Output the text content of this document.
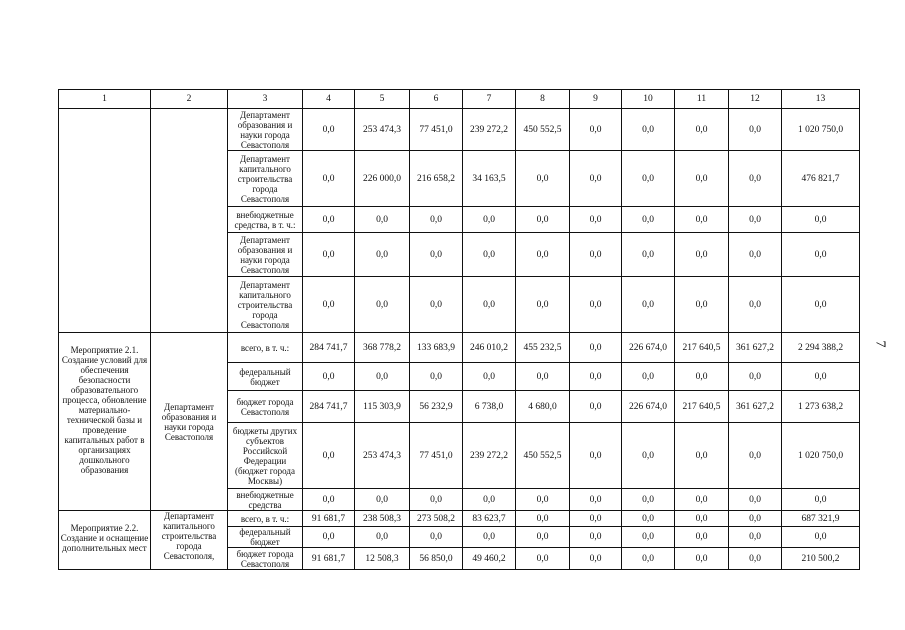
1	2	3	4	5	6	7	8	9	10	11	12	13
		Департамент образования и науки города Севастополя	0,0	253 474,3	77 451,0	239 272,2	450 552,5	0,0	0,0	0,0	0,0	1 020 750,0
		Департамент капитального строительства города Севастополя	0,0	226 000,0	216 658,2	34 163,5	0,0	0,0	0,0	0,0	0,0	476 821,7
		внебюджетные средства, в т. ч.:	0,0	0,0	0,0	0,0	0,0	0,0	0,0	0,0	0,0	0,0
		Департамент образования и науки города Севастополя	0,0	0,0	0,0	0,0	0,0	0,0	0,0	0,0	0,0	0,0
		Департамент капитального строительства города Севастополя	0,0	0,0	0,0	0,0	0,0	0,0	0,0	0,0	0,0	0,0
Мероприятие 2.1. Создание условий для обеспечения безопасности образовательного процесса, обновление материально-техничеcкой базы и проведение капитальных работ в организациях дошкольного образования	Департамент образования и науки города Севастополя	всего, в т. ч.:	284 741,7	368 778,2	133 683,9	246 010,2	455 232,5	0,0	226 674,0	217 640,5	361 627,2	2 294 388,2
		федеральный бюджет	0,0	0,0	0,0	0,0	0,0	0,0	0,0	0,0	0,0	0,0
		бюджет города Севастополя	284 741,7	115 303,9	56 232,9	6 738,0	4 680,0	0,0	226 674,0	217 640,5	361 627,2	1 273 638,2
		бюджеты других субъектов Российской Федерации (бюджет города Москвы)	0,0	253 474,3	77 451,0	239 272,2	450 552,5	0,0	0,0	0,0	0,0	1 020 750,0
		внебюджетные средства	0,0	0,0	0,0	0,0	0,0	0,0	0,0	0,0	0,0	0,0
Мероприятие 2.2. Создание и оснащение дополнительных мест	Департамент капитального строительства города Севастополя,	всего, в т. ч.:	91 681,7	238 508,3	273 508,2	83 623,7	0,0	0,0	0,0	0,0	0,0	687 321,9
		федеральный бюджет	0,0	0,0	0,0	0,0	0,0	0,0	0,0	0,0	0,0	0,0
		бюджет города Севастополя	91 681,7	12 508,3	56 850,0	49 460,2	0,0	0,0	0,0	0,0	0,0	210 500,2
7
